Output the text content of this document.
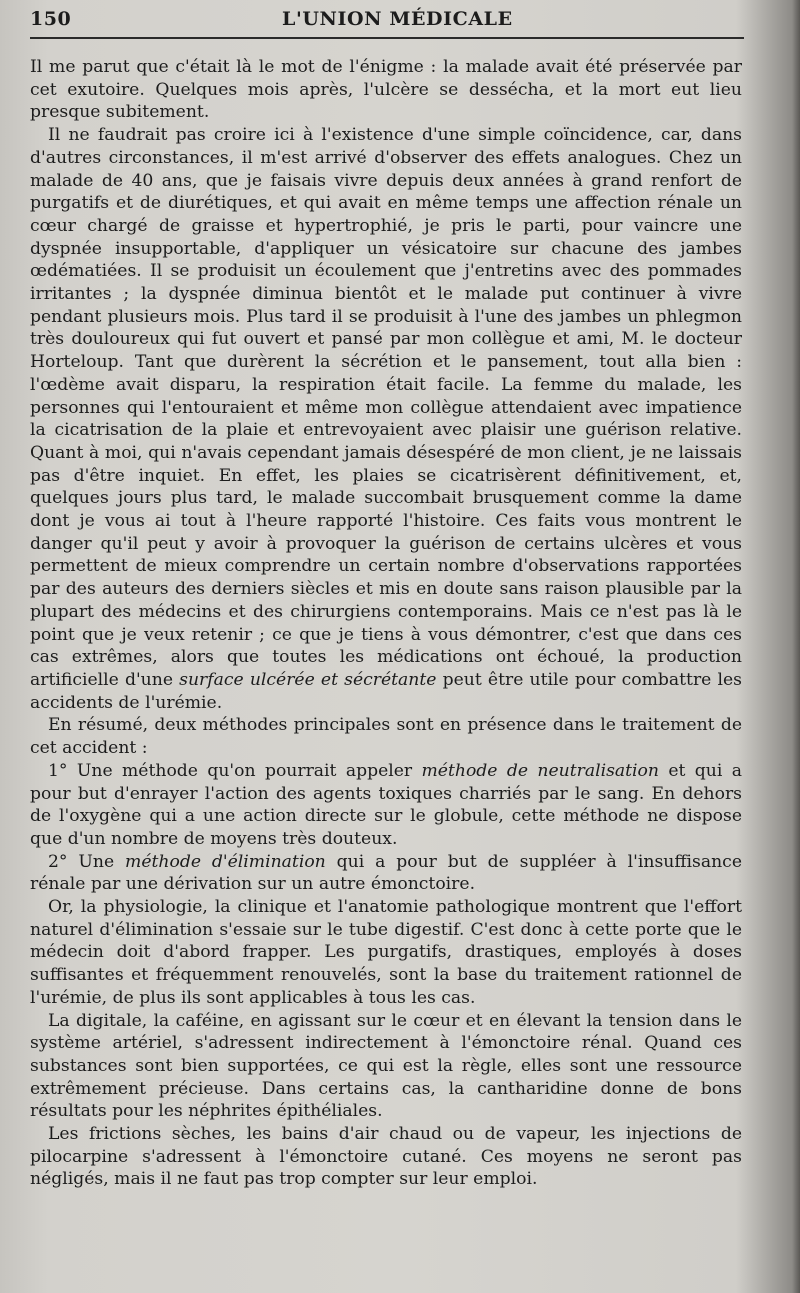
150	L'UNION MÉDICALE

Il me parut que c'était là le mot de l'énigme : la malade avait été préservée par cet exutoire. Quelques mois après, l'ulcère se dessécha, et la mort eut lieu presque subitement.

Il ne faudrait pas croire ici à l'existence d'une simple coïncidence, car, dans d'autres circonstances, il m'est arrivé d'observer des effets analogues. Chez un malade de 40 ans, que je faisais vivre depuis deux années à grand renfort de purgatifs et de diurétiques, et qui avait en même temps une affection rénale un cœur chargé de graisse et hypertrophié, je pris le parti, pour vaincre une dyspnée insupportable, d'appliquer un vésicatoire sur chacune des jambes œdématiées. Il se produisit un écoulement que j'entretins avec des pommades irritantes ; la dyspnée diminua bientôt et le malade put continuer à vivre pendant plusieurs mois. Plus tard il se produisit à l'une des jambes un phlegmon très douloureux qui fut ouvert et pansé par mon collègue et ami, M. le docteur Horteloup. Tant que durèrent la sécrétion et le pansement, tout alla bien : l'œdème avait disparu, la respiration était facile. La femme du malade, les personnes qui l'entouraient et même mon collègue attendaient avec impatience la cicatrisation de la plaie et entrevoyaient avec plaisir une guérison relative. Quant à moi, qui n'avais cependant jamais désespéré de mon client, je ne laissais pas d'être inquiet. En effet, les plaies se cicatrisèrent définitivement, et, quelques jours plus tard, le malade succombait brusquement comme la dame dont je vous ai tout à l'heure rapporté l'histoire. Ces faits vous montrent le danger qu'il peut y avoir à provoquer la guérison de certains ulcères et vous permettent de mieux comprendre un certain nombre d'observations rapportées par des auteurs des derniers siècles et mis en doute sans raison plausible par la plupart des médecins et des chirurgiens contemporains. Mais ce n'est pas là le point que je veux retenir ; ce que je tiens à vous démontrer, c'est que dans ces cas extrêmes, alors que toutes les médications ont échoué, la production artificielle d'une surface ulcérée et sécrétante peut être utile pour combattre les accidents de l'urémie.

En résumé, deux méthodes principales sont en présence dans le traitement de cet accident :

1° Une méthode qu'on pourrait appeler méthode de neutralisation et qui a pour but d'enrayer l'action des agents toxiques charriés par le sang. En dehors de l'oxygène qui a une action directe sur le globule, cette méthode ne dispose que d'un nombre de moyens très douteux.

2° Une méthode d'élimination qui a pour but de suppléer à l'insuffisance rénale par une dérivation sur un autre émonctoire.

Or, la physiologie, la clinique et l'anatomie pathologique montrent que l'effort naturel d'élimination s'essaie sur le tube digestif. C'est donc à cette porte que le médecin doit d'abord frapper. Les purgatifs, drastiques, employés à doses suffisantes et fréquemment renouvelés, sont la base du traitement rationnel de l'urémie, de plus ils sont applicables à tous les cas.

La digitale, la caféine, en agissant sur le cœur et en élevant la tension dans le système artériel, s'adressent indirectement à l'émonctoire rénal. Quand ces substances sont bien supportées, ce qui est la règle, elles sont une ressource extrêmement précieuse. Dans certains cas, la cantharidine donne de bons résultats pour les néphrites épithéliales.

Les frictions sèches, les bains d'air chaud ou de vapeur, les injections de pilocarpine s'adressent à l'émonctoire cutané. Ces moyens ne seront pas négligés, mais il ne faut pas trop compter sur leur emploi.
